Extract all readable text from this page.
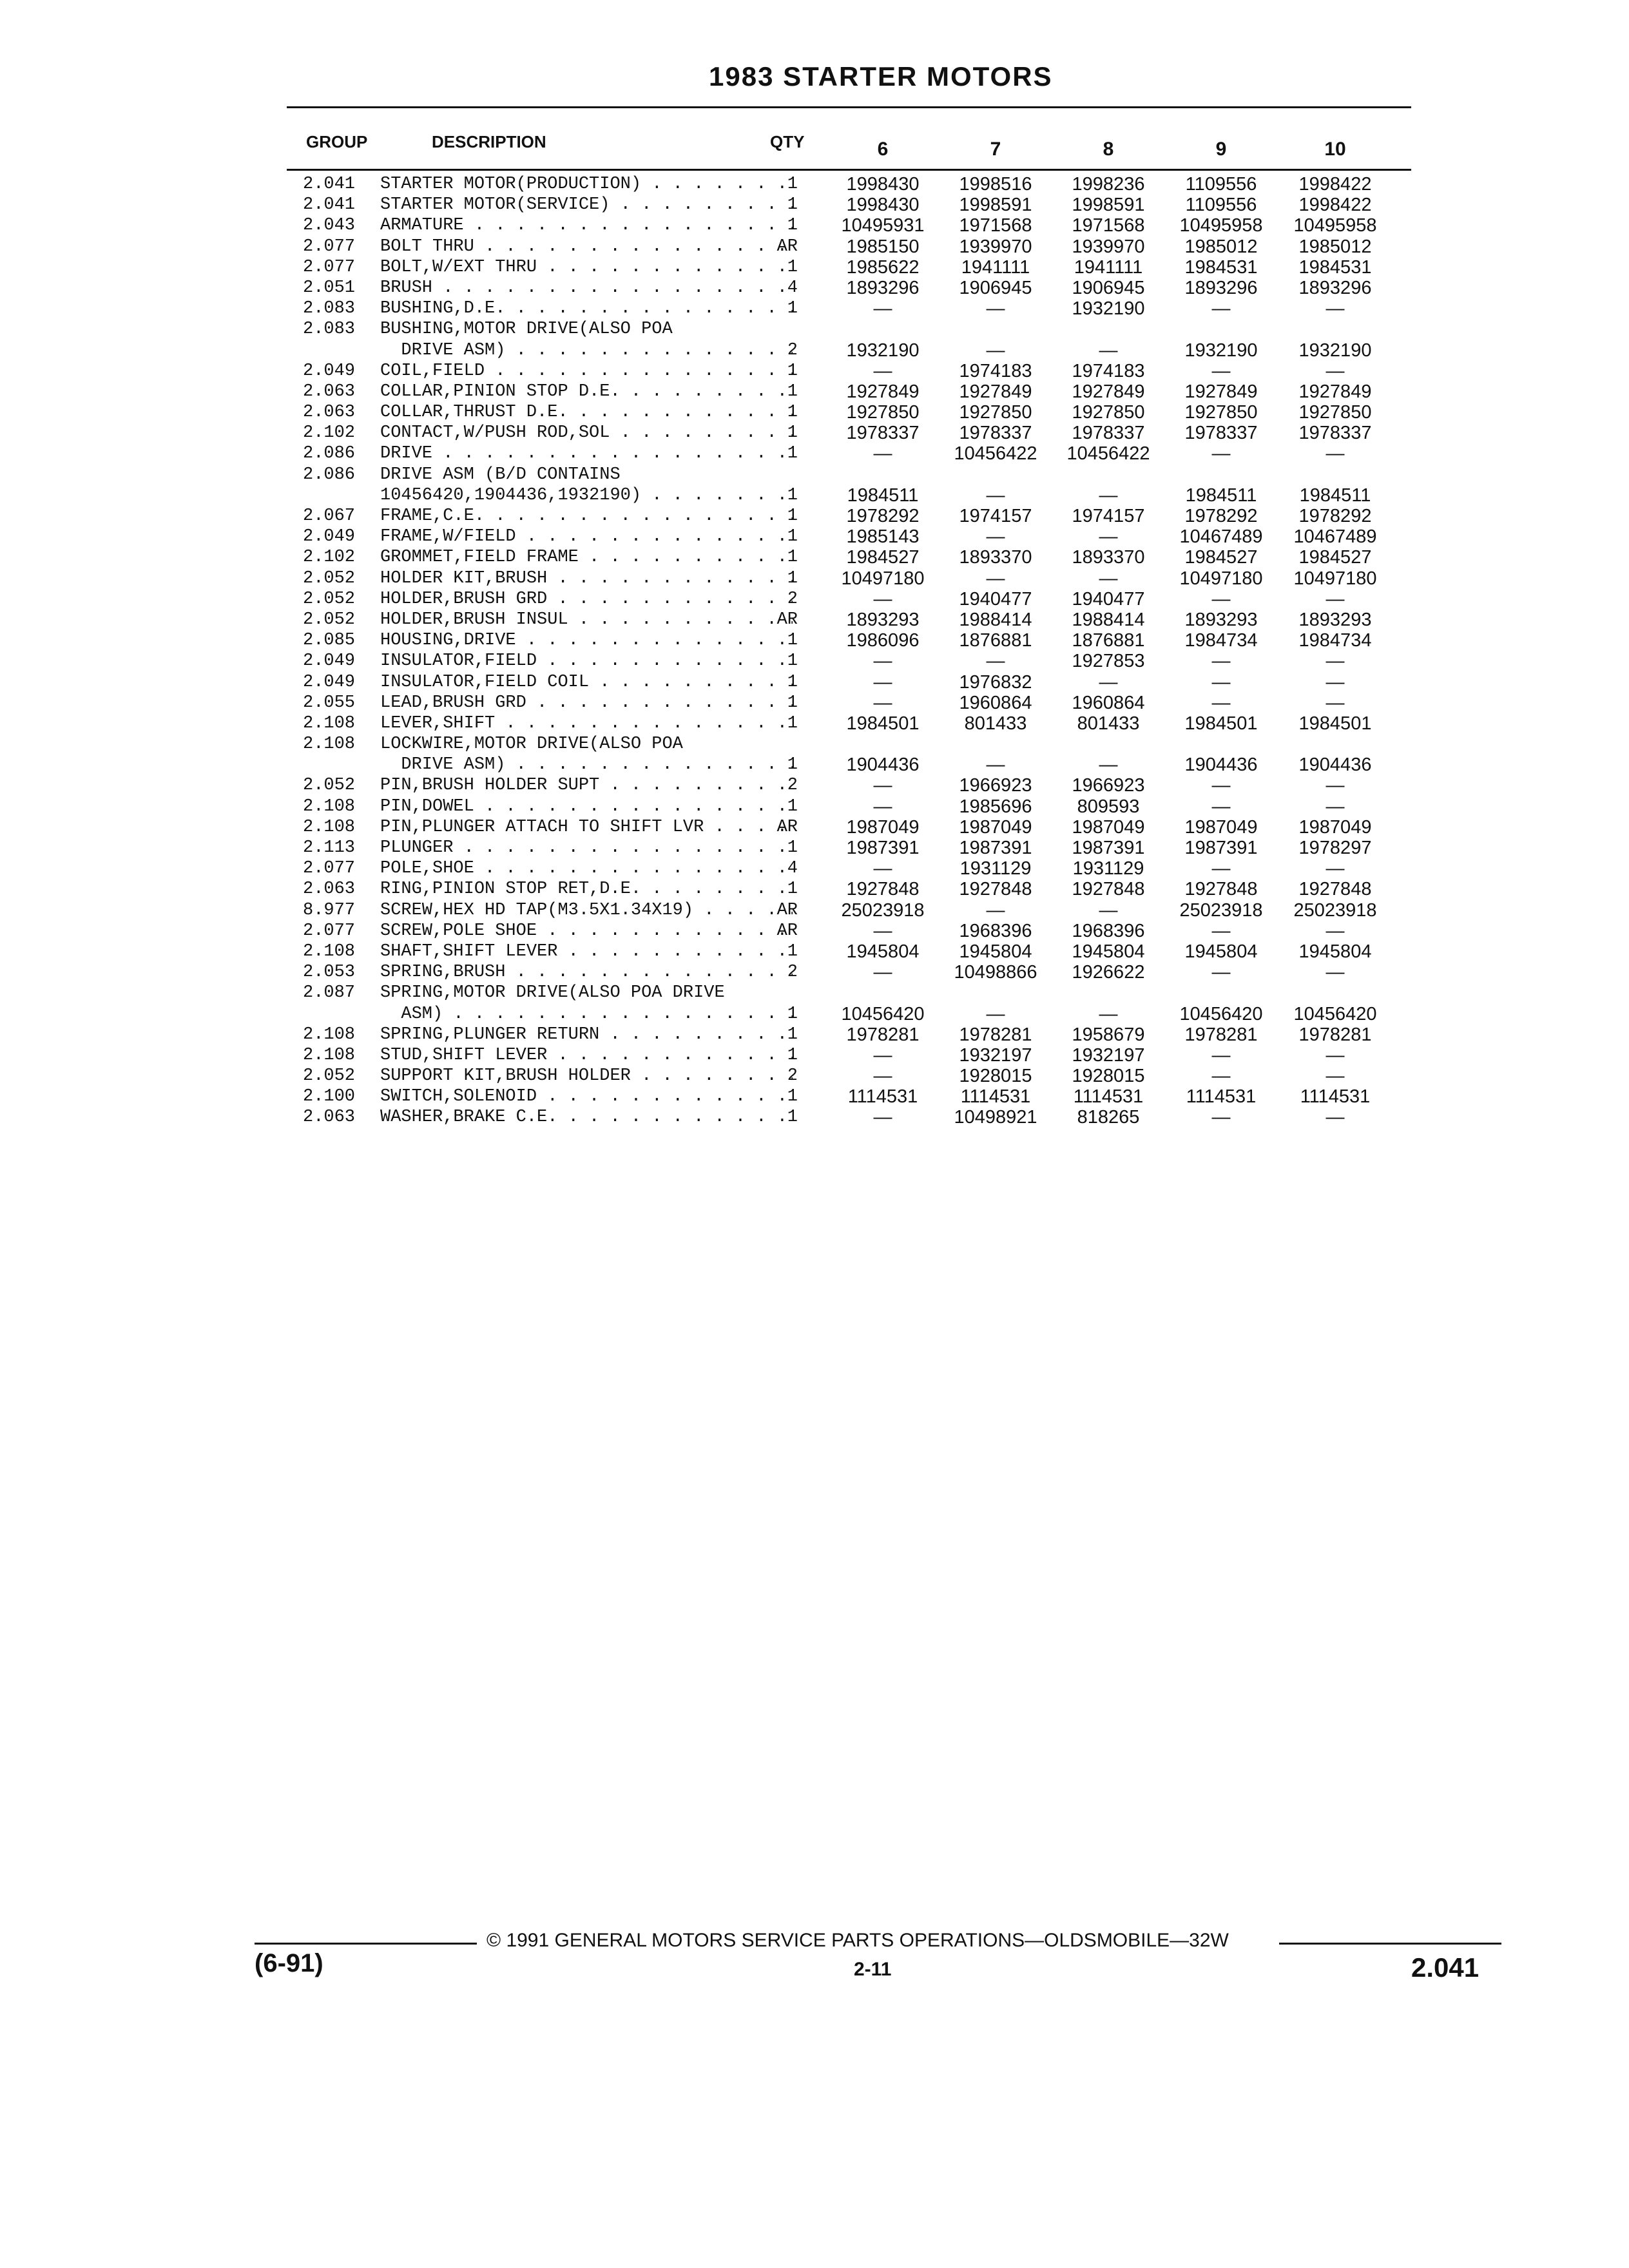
1983 STARTER MOTORS
GROUP	DESCRIPTION	QTY	6	7	8	9	10
2.041 STARTER MOTOR(PRODUCTION) . . .	1	1998430 1998516 1998236 1109556 1998422
2.041 STARTER MOTOR(SERVICE) . . .	1	1998430 1998591 1998591 1109556 1998422
2.043 ARMATURE . . .	1 10495931 1971568 1971568 10495958 10495958
2.077 BOLT THRU . . .	AR	1985150 1939970 1939970 1985012 1985012
2.077 BOLT,W/EXT THRU . . .	1	1985622 1941111 1941111 1984531 1984531
2.051 BRUSH . . .	4	1893296 1906945 1906945 1893296 1893296
2.083 BUSHING,D.E. . . .	1	—	—	1932190	—	—
2.083 BUSHING,MOTOR DRIVE(ALSO POA
DRIVE ASM) . . .	2	1932190	—	—	1932190 1932190
2.049 COIL,FIELD . . .	1	—	1974183 1974183	—	—
2.063 COLLAR,PINION STOP D.E. . . .	1	1927849 1927849 1927849 1927849 1927849
2.063 COLLAR,THRUST D.E. . . .	1	1927850 1927850 1927850 1927850 1927850
2.102 CONTACT,W/PUSH ROD,SOL . . .	1	1978337 1978337 1978337 1978337 1978337
2.086 DRIVE . . .	1	—	10456422 10456422	—	—
2.086 DRIVE ASM (B/D CONTAINS
10456420,1904436,1932190) . . .	1	1984511	—	—	1984511 1984511
2.067 FRAME,C.E. . . .	1	1978292 1974157 1974157 1978292 1978292
2.049 FRAME,W/FIELD . . .	1	1985143	—	—	10467489 10467489
2.102 GROMMET,FIELD FRAME . . .	1	1984527 1893370 1893370 1984527 1984527
2.052 HOLDER KIT,BRUSH . . .	1 10497180	—	—	10497180 10497180
2.052 HOLDER,BRUSH GRD . . .	2	—	1940477 1940477	—	—
2.052 HOLDER,BRUSH INSUL . . .	AR	1893293 1988414 1988414 1893293 1893293
2.085 HOUSING,DRIVE . . .	1	1986096 1876881 1876881 1984734 1984734
2.049 INSULATOR,FIELD . . .	1	—	—	1927853	—	—
2.049 INSULATOR,FIELD COIL . . .	1	—	1976832	—	—	—
2.055 LEAD,BRUSH GRD . . .	1	—	1960864 1960864	—	—
2.108 LEVER,SHIFT . . .	1	1984501 801433	801433 1984501 1984501
2.108 LOCKWIRE,MOTOR DRIVE(ALSO POA
DRIVE ASM) . . .	1	1904436	—	—	1904436 1904436
2.052 PIN,BRUSH HOLDER SUPT . . .	2	—	1966923 1966923	—	—
2.108 PIN,DOWEL . . .	1	—	1985696 809593	—	—
2.108 PIN,PLUNGER ATTACH TO SHIFT LVR . . .	AR	1987049 1987049 1987049 1987049 1987049
2.113 PLUNGER . . .	1	1987391 1987391 1987391 1987391 1978297
2.077 POLE,SHOE . . .	4	—	1931129 1931129	—	—
2.063 RING,PINION STOP RET,D.E. . . .	1	1927848 1927848 1927848 1927848 1927848
8.977 SCREW,HEX HD TAP(M3.5X1.34X19) . . .	AR 25023918	—	—	25023918 25023918
2.077 SCREW,POLE SHOE . . .	AR	—	1968396 1968396	—	—
2.108 SHAFT,SHIFT LEVER . . .	1	1945804 1945804 1945804 1945804 1945804
2.053 SPRING,BRUSH . . .	2	—	10498866 1926622	—	—
2.087 SPRING,MOTOR DRIVE(ALSO POA DRIVE
ASM) . . .	1 10456420	—	—	10456420 10456420
2.108 SPRING,PLUNGER RETURN . . .	1	1978281 1978281 1958679 1978281 1978281
2.108 STUD,SHIFT LEVER . . .	1	—	1932197 1932197	—	—
2.052 SUPPORT KIT,BRUSH HOLDER . . .	2	—	1928015 1928015	—	—
2.100 SWITCH,SOLENOID . . .	1	1114531 1114531 1114531 1114531 1114531
2.063 WASHER,BRAKE C.E. . . .	1	—	10498921 818265	—	—
© 1991 GENERAL MOTORS SERVICE PARTS OPERATIONS—OLDSMOBILE—32W
(6-91)	2-11	2.041
